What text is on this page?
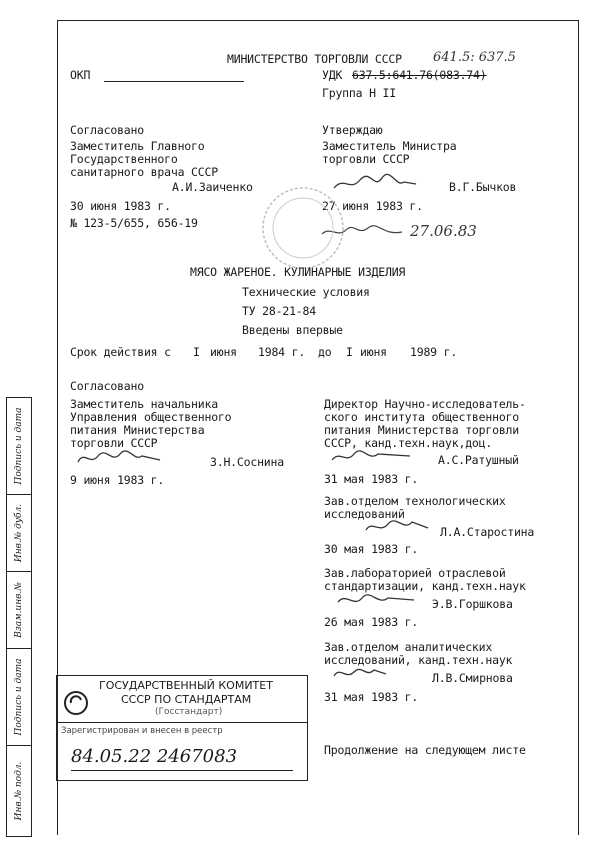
МИНИСТЕРСТВО ТОРГОВЛИ СССР 641.5: 637.5
ОКП	УДК 637.5:641.76(083.74)
Группа Н II
Согласовано
Заместитель Главного
Государственного
санитарного врача СССР
А.И.Заиченко
30 июня 1983 г.
№ 123-5/655, 656-19
Утверждаю
Заместитель Министра
торговли СССР
В.Г.Бычков
27 июня 1983 г.
27.06.83
МЯСО ЖАРЕНОЕ. КУЛИНАРНЫЕ ИЗДЕЛИЯ
Технические условия
ТУ 28-21-84
Введены впервые
Срок действия с I июня 1984 г. до I июня 1989 г.
Согласовано
Заместитель начальника
Управления общественного
питания Министерства
торговли СССР
З.Н.Соснина
9 июня 1983 г.
Директор Научно-исследователь-
ского института общественного
питания Министерства торговли
СССР, канд.техн.наук,доц.
А.С.Ратушный
31 мая 1983 г.
Зав.отделом технологических
исследований
Л.А.Старостина
30 мая 1983 г.
Зав.лабораторией отраслевой
стандартизации, канд.техн.наук
Э.В.Горшкова
26 мая 1983 г.
Зав.отделом аналитических
исследований, канд.техн.наук
Л.В.Смирнова
31 мая 1983 г.
Продолжение на следующем листе
ГОСУДАРСТВЕННЫЙ КОМИТЕТ
СССР ПО СТАНДАРТАМ
(Госстандарт)
Зарегистрирован и внесен в реестр
84.05.22 2467083
Подпись и дата
Инв.№ дубл.
Взам.инв.№
Подпись и дата
Инв.№ подл.
